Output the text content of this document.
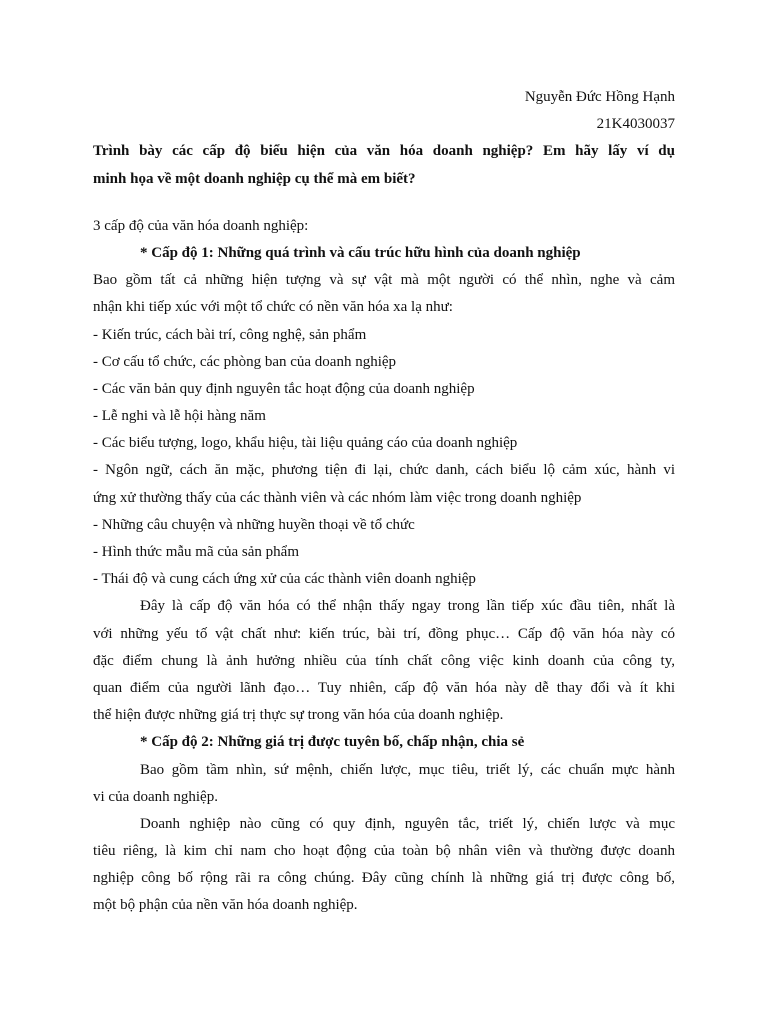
Nguyễn Đức Hồng Hạnh
21K4030037
Trình bày các cấp độ biểu hiện của văn hóa doanh nghiệp? Em hãy lấy ví dụ
minh họa về một doanh nghiệp cụ thể mà em biết?
3 cấp độ của văn hóa doanh nghiệp:
* Cấp độ 1: Những quá trình và cấu trúc hữu hình của doanh nghiệp
Bao gồm tất cả những hiện tượng và sự vật mà một người có thể nhìn, nghe và cảm
nhận khi tiếp xúc với một tổ chức có nền văn hóa xa lạ như:
- Kiến trúc, cách bài trí, công nghệ, sản phẩm
- Cơ cấu tổ chức, các phòng ban của doanh nghiệp
- Các văn bản quy định nguyên tắc hoạt động của doanh nghiệp
- Lễ nghi và lễ hội hàng năm
- Các biểu tượng, logo, khẩu hiệu, tài liệu quảng cáo của doanh nghiệp
- Ngôn ngữ, cách ăn mặc, phương tiện đi lại, chức danh, cách biểu lộ cảm xúc, hành vi
ứng xử thường thấy của các thành viên và các nhóm làm việc trong doanh nghiệp
- Những câu chuyện và những huyền thoại về tổ chức
- Hình thức mẫu mã của sản phẩm
- Thái độ và cung cách ứng xử của các thành viên doanh nghiệp
Đây là cấp độ văn hóa có thể nhận thấy ngay trong lần tiếp xúc đầu tiên, nhất là
với những yếu tố vật chất như: kiến trúc, bài trí, đồng phục… Cấp độ văn hóa này có
đặc điểm chung là ảnh hưởng nhiều của tính chất công việc kinh doanh của công ty,
quan điểm của người lãnh đạo… Tuy nhiên, cấp độ văn hóa này dễ thay đổi và ít khi
thể hiện được những giá trị thực sự trong văn hóa của doanh nghiệp.
* Cấp độ 2: Những giá trị được tuyên bố, chấp nhận, chia sẻ
Bao gồm tầm nhìn, sứ mệnh, chiến lược, mục tiêu, triết lý, các chuẩn mực hành
vi của doanh nghiệp.
Doanh nghiệp nào cũng có quy định, nguyên tắc, triết lý, chiến lược và mục
tiêu riêng, là kim chỉ nam cho hoạt động của toàn bộ nhân viên và thường được doanh
nghiệp công bố rộng rãi ra công chúng. Đây cũng chính là những giá trị được công bố,
một bộ phận của nền văn hóa doanh nghiệp.
